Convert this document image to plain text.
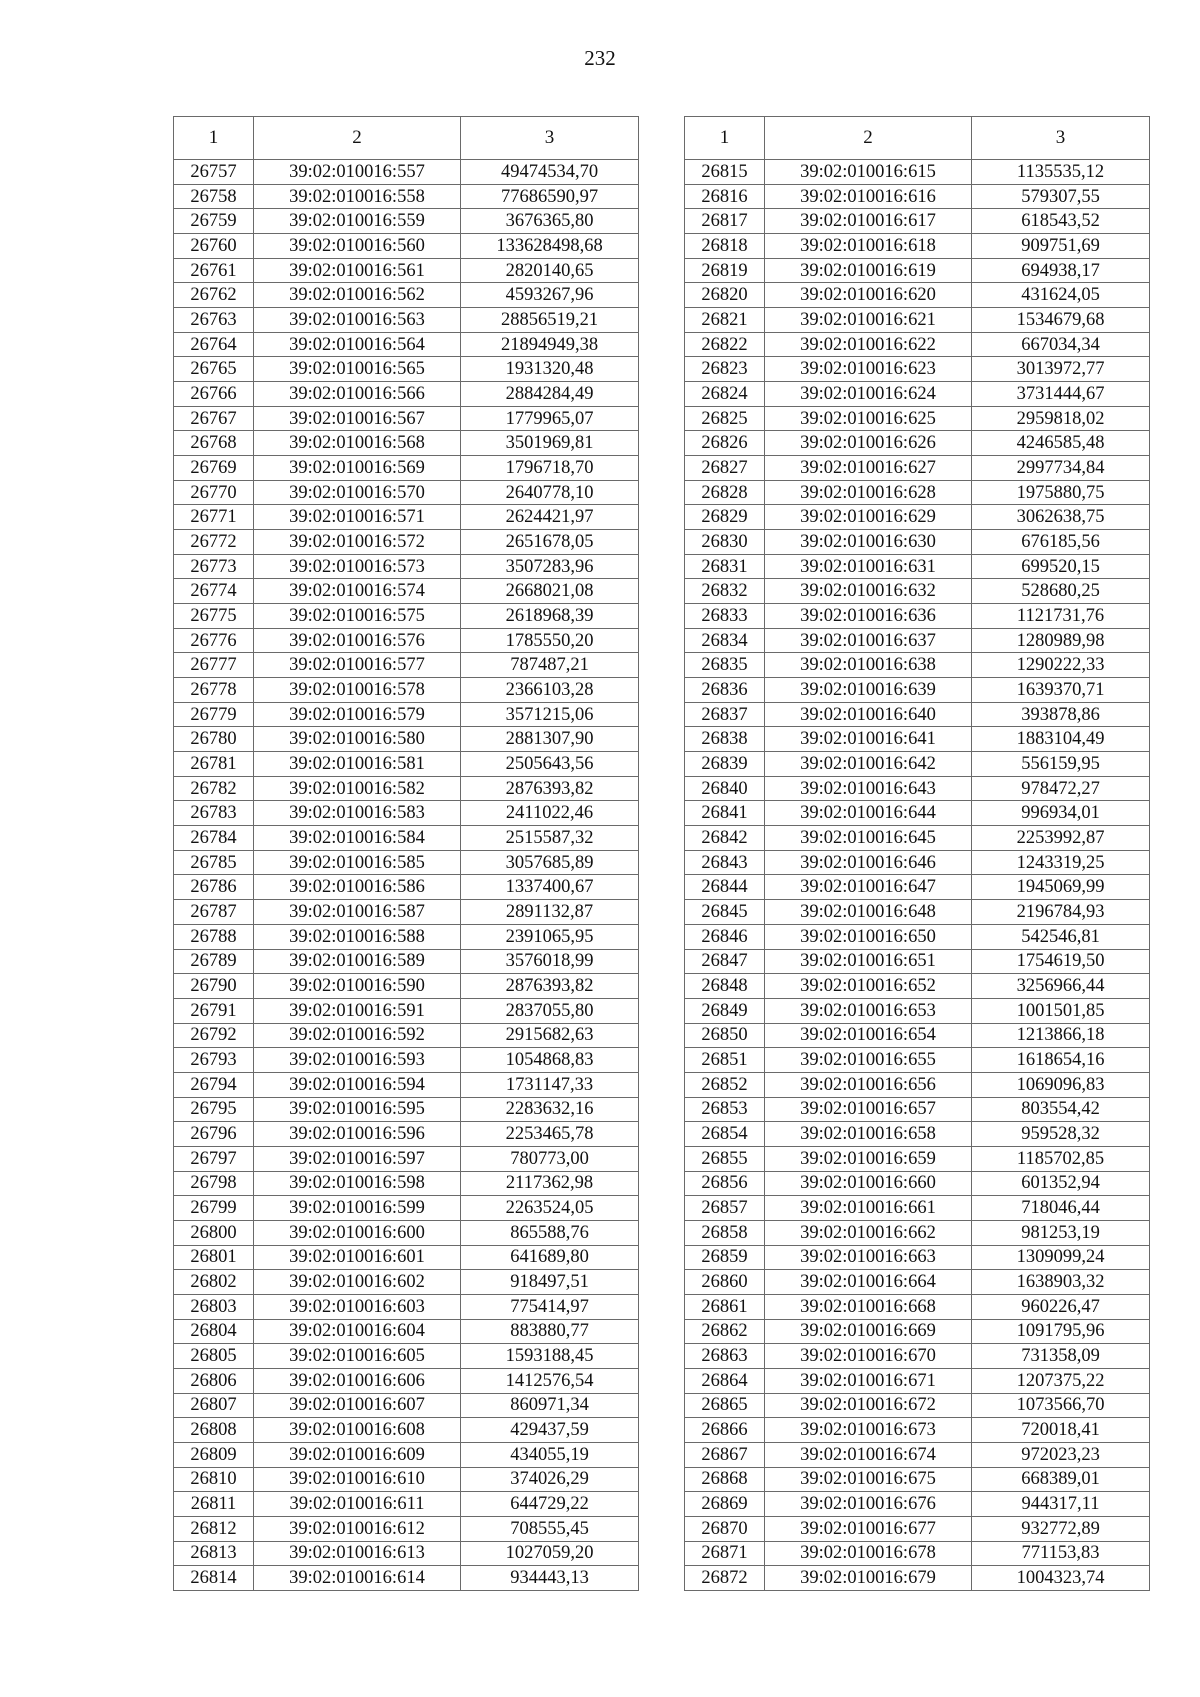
232
1	2	3
26757	39:02:010016:557	49474534,70
26758	39:02:010016:558	77686590,97
26759	39:02:010016:559	3676365,80
26760	39:02:010016:560	133628498,68
26761	39:02:010016:561	2820140,65
26762	39:02:010016:562	4593267,96
26763	39:02:010016:563	28856519,21
26764	39:02:010016:564	21894949,38
26765	39:02:010016:565	1931320,48
26766	39:02:010016:566	2884284,49
26767	39:02:010016:567	1779965,07
26768	39:02:010016:568	3501969,81
26769	39:02:010016:569	1796718,70
26770	39:02:010016:570	2640778,10
26771	39:02:010016:571	2624421,97
26772	39:02:010016:572	2651678,05
26773	39:02:010016:573	3507283,96
26774	39:02:010016:574	2668021,08
26775	39:02:010016:575	2618968,39
26776	39:02:010016:576	1785550,20
26777	39:02:010016:577	787487,21
26778	39:02:010016:578	2366103,28
26779	39:02:010016:579	3571215,06
26780	39:02:010016:580	2881307,90
26781	39:02:010016:581	2505643,56
26782	39:02:010016:582	2876393,82
26783	39:02:010016:583	2411022,46
26784	39:02:010016:584	2515587,32
26785	39:02:010016:585	3057685,89
26786	39:02:010016:586	1337400,67
26787	39:02:010016:587	2891132,87
26788	39:02:010016:588	2391065,95
26789	39:02:010016:589	3576018,99
26790	39:02:010016:590	2876393,82
26791	39:02:010016:591	2837055,80
26792	39:02:010016:592	2915682,63
26793	39:02:010016:593	1054868,83
26794	39:02:010016:594	1731147,33
26795	39:02:010016:595	2283632,16
26796	39:02:010016:596	2253465,78
26797	39:02:010016:597	780773,00
26798	39:02:010016:598	2117362,98
26799	39:02:010016:599	2263524,05
26800	39:02:010016:600	865588,76
26801	39:02:010016:601	641689,80
26802	39:02:010016:602	918497,51
26803	39:02:010016:603	775414,97
26804	39:02:010016:604	883880,77
26805	39:02:010016:605	1593188,45
26806	39:02:010016:606	1412576,54
26807	39:02:010016:607	860971,34
26808	39:02:010016:608	429437,59
26809	39:02:010016:609	434055,19
26810	39:02:010016:610	374026,29
26811	39:02:010016:611	644729,22
26812	39:02:010016:612	708555,45
26813	39:02:010016:613	1027059,20
26814	39:02:010016:614	934443,13
1	2	3
26815	39:02:010016:615	1135535,12
26816	39:02:010016:616	579307,55
26817	39:02:010016:617	618543,52
26818	39:02:010016:618	909751,69
26819	39:02:010016:619	694938,17
26820	39:02:010016:620	431624,05
26821	39:02:010016:621	1534679,68
26822	39:02:010016:622	667034,34
26823	39:02:010016:623	3013972,77
26824	39:02:010016:624	3731444,67
26825	39:02:010016:625	2959818,02
26826	39:02:010016:626	4246585,48
26827	39:02:010016:627	2997734,84
26828	39:02:010016:628	1975880,75
26829	39:02:010016:629	3062638,75
26830	39:02:010016:630	676185,56
26831	39:02:010016:631	699520,15
26832	39:02:010016:632	528680,25
26833	39:02:010016:636	1121731,76
26834	39:02:010016:637	1280989,98
26835	39:02:010016:638	1290222,33
26836	39:02:010016:639	1639370,71
26837	39:02:010016:640	393878,86
26838	39:02:010016:641	1883104,49
26839	39:02:010016:642	556159,95
26840	39:02:010016:643	978472,27
26841	39:02:010016:644	996934,01
26842	39:02:010016:645	2253992,87
26843	39:02:010016:646	1243319,25
26844	39:02:010016:647	1945069,99
26845	39:02:010016:648	2196784,93
26846	39:02:010016:650	542546,81
26847	39:02:010016:651	1754619,50
26848	39:02:010016:652	3256966,44
26849	39:02:010016:653	1001501,85
26850	39:02:010016:654	1213866,18
26851	39:02:010016:655	1618654,16
26852	39:02:010016:656	1069096,83
26853	39:02:010016:657	803554,42
26854	39:02:010016:658	959528,32
26855	39:02:010016:659	1185702,85
26856	39:02:010016:660	601352,94
26857	39:02:010016:661	718046,44
26858	39:02:010016:662	981253,19
26859	39:02:010016:663	1309099,24
26860	39:02:010016:664	1638903,32
26861	39:02:010016:668	960226,47
26862	39:02:010016:669	1091795,96
26863	39:02:010016:670	731358,09
26864	39:02:010016:671	1207375,22
26865	39:02:010016:672	1073566,70
26866	39:02:010016:673	720018,41
26867	39:02:010016:674	972023,23
26868	39:02:010016:675	668389,01
26869	39:02:010016:676	944317,11
26870	39:02:010016:677	932772,89
26871	39:02:010016:678	771153,83
26872	39:02:010016:679	1004323,74
